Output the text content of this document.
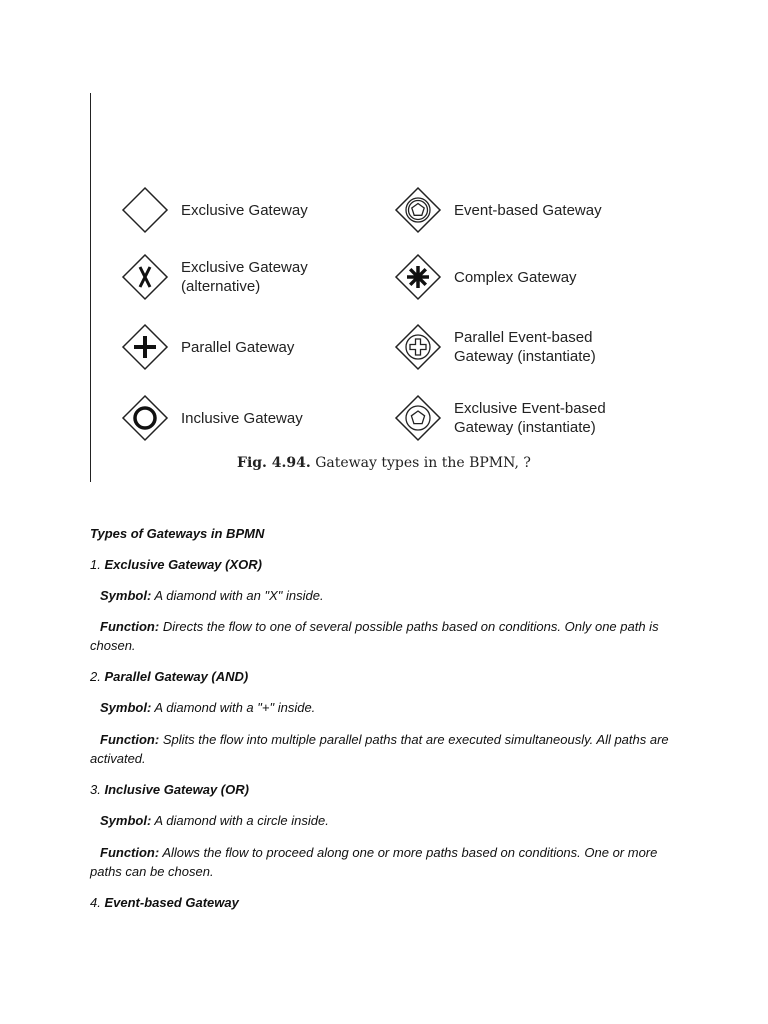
Exclusive Gateway
Exclusive Gateway
(alternative)
Parallel Gateway
Inclusive Gateway
Event-based Gateway
Complex Gateway
Parallel Event-based
Gateway (instantiate)
Exclusive Event-based
Gateway (instantiate)
Fig. 4.94. Gateway types in the BPMN, ?
Types of Gateways in BPMN
1. Exclusive Gateway (XOR)
Symbol: A diamond with an "X" inside.
Function: Directs the flow to one of several possible paths based on conditions. Only one path is chosen.
2. Parallel Gateway (AND)
Symbol: A diamond with a "+" inside.
Function: Splits the flow into multiple parallel paths that are executed simultaneously. All paths are activated.
3. Inclusive Gateway (OR)
Symbol: A diamond with a circle inside.
Function: Allows the flow to proceed along one or more paths based on conditions. One or more paths can be chosen.
4. Event-based Gateway
